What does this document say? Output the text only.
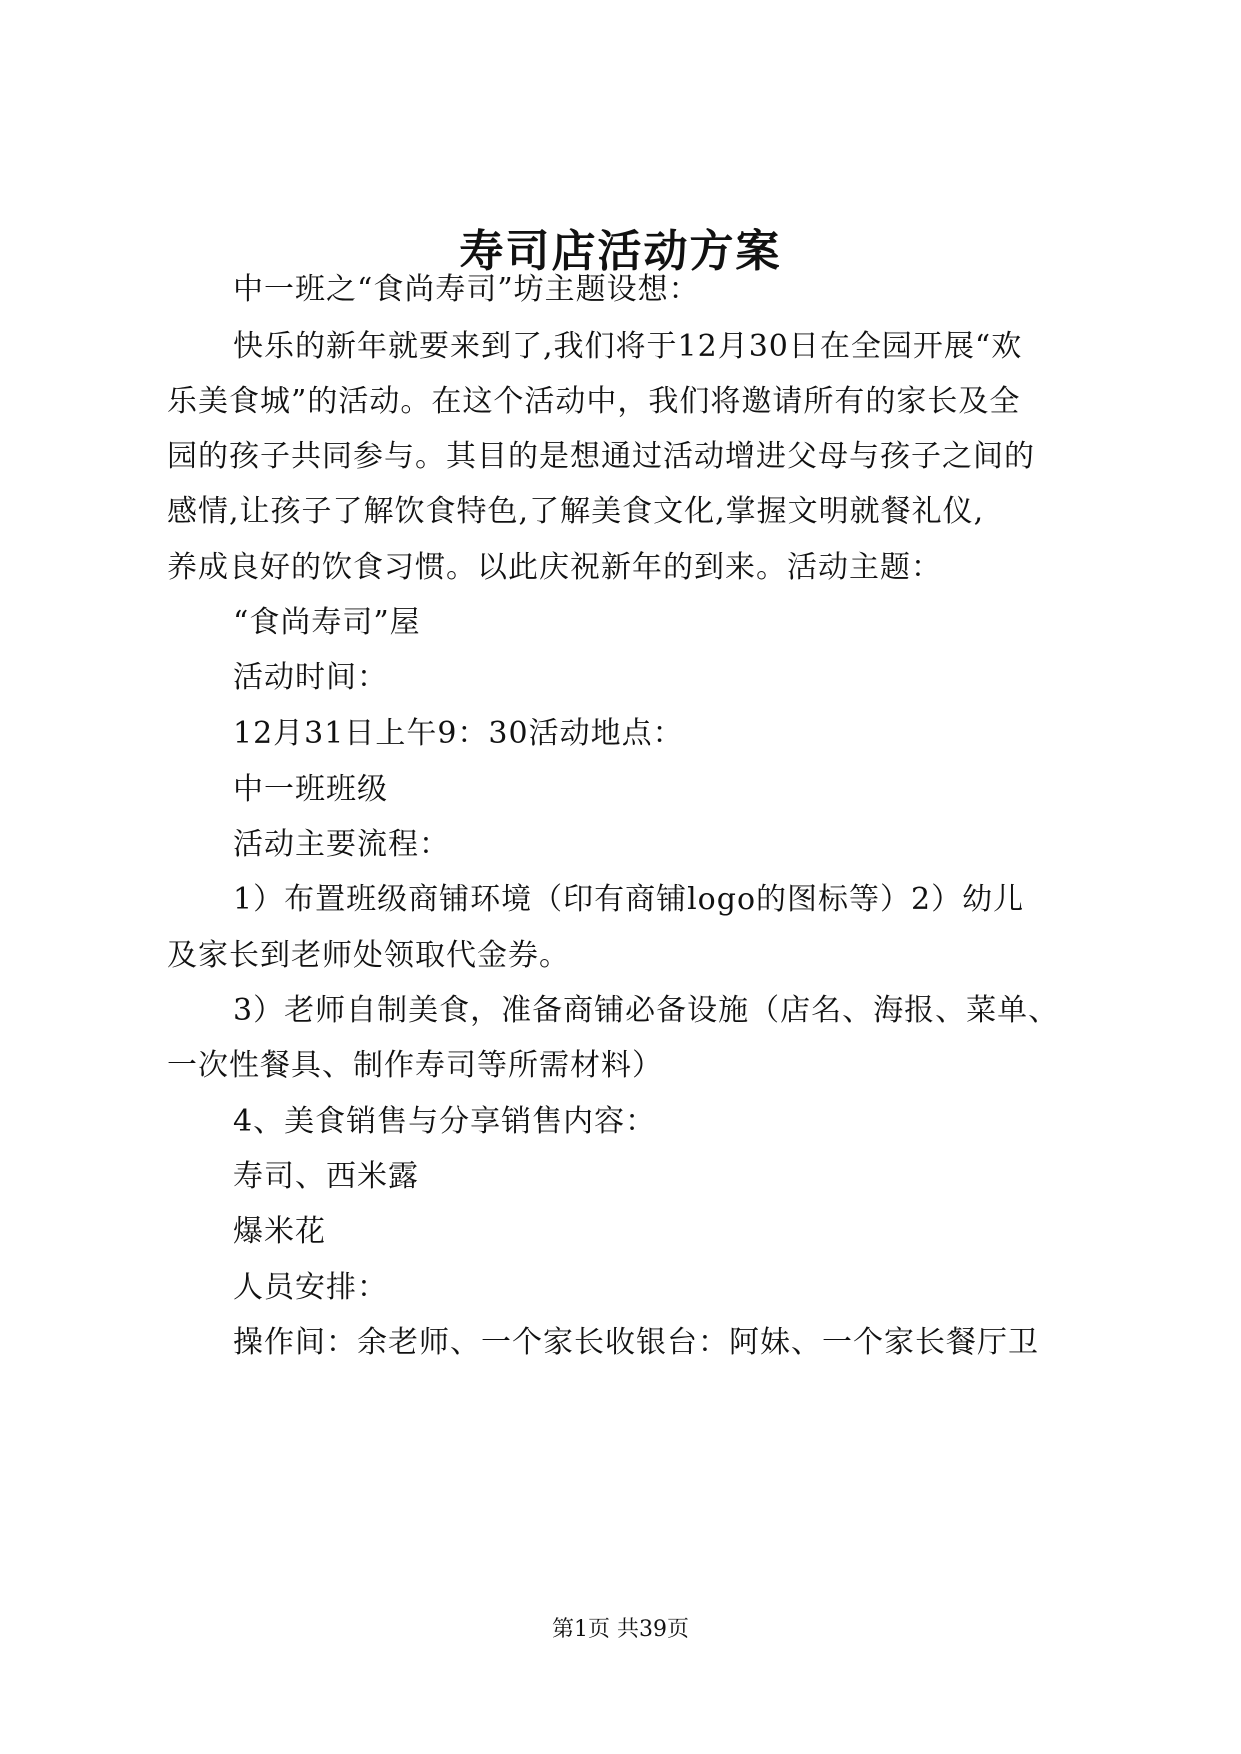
寿司店活动方案
中一班之“食尚寿司”坊主题设想：
快乐的新年就要来到了,我们将于12月30日在全园开展“欢
乐美食城”的活动。在这个活动中，我们将邀请所有的家长及全
园的孩子共同参与。其目的是想通过活动增进父母与孩子之间的
感情,让孩子了解饮食特色,了解美食文化,掌握文明就餐礼仪,
养成良好的饮食习惯。以此庆祝新年的到来。活动主题：
“食尚寿司”屋
活动时间：
12月31日上午9：30活动地点：
中一班班级
活动主要流程：
1）布置班级商铺环境（印有商铺logo的图标等）2）幼儿
及家长到老师处领取代金券。
3）老师自制美食，准备商铺必备设施（店名、海报、菜单、
一次性餐具、制作寿司等所需材料）
4、美食销售与分享销售内容：
寿司、西米露
爆米花
人员安排：
操作间：余老师、一个家长收银台：阿妹、一个家长餐厅卫
第1页 共39页
